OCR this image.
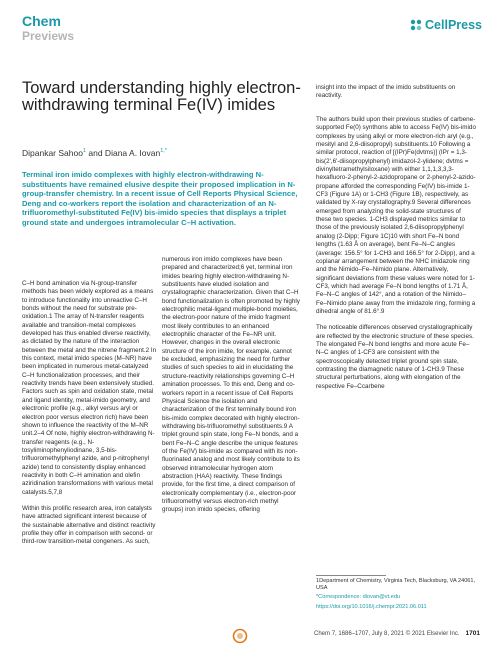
Chem
Previews
CellPress
Toward understanding highly electron-withdrawing terminal Fe(IV) imides
Dipankar Sahoo$^1$ and Diana A. Iovan$^{1,*}$

Terminal iron imido complexes with highly electron-withdrawing N-substituents have remained elusive despite their proposed implication in N-group-transfer chemistry. In a recent issue of Cell Reports Physical Science, Deng and co-workers report the isolation and characterization of an N-trifluoromethyl-substituted Fe(IV) bis-imido species that displays a triplet ground state and undergoes intramolecular C–H activation.

C–H bond amination via N-group-transfer methods has been widely explored as a means to introduce functionality into unreactive C–H bonds without the need for substrate pre-oxidation.1 The array of N-transfer reagents available and transition-metal complexes developed has thus enabled diverse reactivity, as dictated by the nature of the interaction between the metal and the nitrene fragment.2 In this context, metal imido species (M–NR) have been implicated in numerous metal-catalyzed C–H functionalization processes, and their reactivity trends have been extensively studied. Factors such as spin and oxidation state, metal and ligand identity, metal-imido geometry, and electronic profile (e.g., alkyl versus aryl or electron poor versus electron rich) have been shown to influence the reactivity of the M–NR unit.2–4 Of note, highly electron-withdrawing N-transfer reagents (e.g., N-tosyliminophenyliodinane, 3,5-bis-trifluoromethylphenyl azide, and p-nitrophenyl azide) tend to consistently display enhanced reactivity in both C–H amination and olefin aziridination transformations with various metal catalysts.5,7,8

Within this prolific research area, iron catalysts have attracted significant interest because of the sustainable alternative and distinct reactivity profile they offer in comparison with second- or third-row transition-metal congeners. As such,

numerous iron imido complexes have been prepared and characterized;6 yet, terminal iron imides bearing highly electron-withdrawing N-substituents have eluded isolation and crystallographic characterization. Given that C–H bond functionalization is often promoted by highly electrophilic metal-ligand multiple-bond moieties, the electron-poor nature of the imido fragment most likely contributes to an enhanced electrophilic character of the Fe–NR unit. However, changes in the overall electronic structure of the iron imide, for example, cannot be excluded, emphasizing the need for further studies of such species to aid in elucidating the structure-reactivity relationships governing C–H amination processes. To this end, Deng and co-workers report in a recent issue of Cell Reports Physical Science the isolation and characterization of the first terminally bound iron bis-imido complex decorated with highly electron-withdrawing bis-trifluoromethyl substituents.9 A triplet ground spin state, long Fe–N bonds, and a bent Fe–N–C angle describe the unique features of the Fe(IV) bis-imide as compared with its non-fluorinated analog and most likely contribute to its observed intramolecular hydrogen atom abstraction (HAA) reactivity. These findings provide, for the first time, a direct comparison of electronically complementary (i.e., electron-poor trifluoromethyl versus electron-rich methyl groups) iron imido species, offering

insight into the impact of the imido substituents on reactivity.

The authors build upon their previous studies of carbene-supported Fe(0) synthons able to access Fe(IV) bis-imido complexes by using alkyl or more electron-rich aryl (e.g., mesityl and 2,6-diisopropyl) substituents.10 Following a similar protocol, reaction of [(IPr)Fe(dvtms)] (IPr = 1,3-bis(2',6'-diisopropylphenyl) imidazol-2-ylidene; dvtms = divinyltetramethylsiloxane) with either 1,1,1,3,3,3-hexafluoro-2-phenyl-2-azidopropane or 2-phenyl-2-azido-propane afforded the corresponding Fe(IV) bis-imide 1-CF3 (Figure 1A) or 1-CH3 (Figure 1B), respectively, as validated by X-ray crystallography.9 Several differences emerged from analyzing the solid-state structures of these two species. 1-CH3 displayed metrics similar to those of the previously isolated 2,6-diisopropylphenyl analog (2-Dipp; Figure 1C)10 with short Fe–N bond lengths (1.63 Å on average), bent Fe–N–C angles (average: 156.5° for 1-CH3 and 166.5° for 2-Dipp), and a coplanar arrangement between the NHC imidazole ring and the Nimido–Fe–Nimido plane. Alternatively, significant deviations from these values were noted for 1-CF3, which had average Fe–N bond lengths of 1.71 Å, Fe–N–C angles of 142°, and a rotation of the Nimido–Fe–Nimido plane away from the imidazole ring, forming a dihedral angle of 81.6°.9

The noticeable differences observed crystallographically are reflected by the electronic structure of these species. The elongated Fe–N bond lengths and more acute Fe–N–C angles of 1-CF3 are consistent with the spectroscopically detected triplet ground spin state, contrasting the diamagnetic nature of 1-CH3.9 These structural perturbations, along with elongation of the respective Fe–Ccarbene

1Department of Chemistry, Virginia Tech, Blacksburg, VA 24061, USA

*Correspondence: diovan@vt.edu

https://doi.org/10.1016/j.chempr.2021.06.011

Chem 7, 1686–1707, July 8, 2021 © 2021 Elsevier Inc. 1701
